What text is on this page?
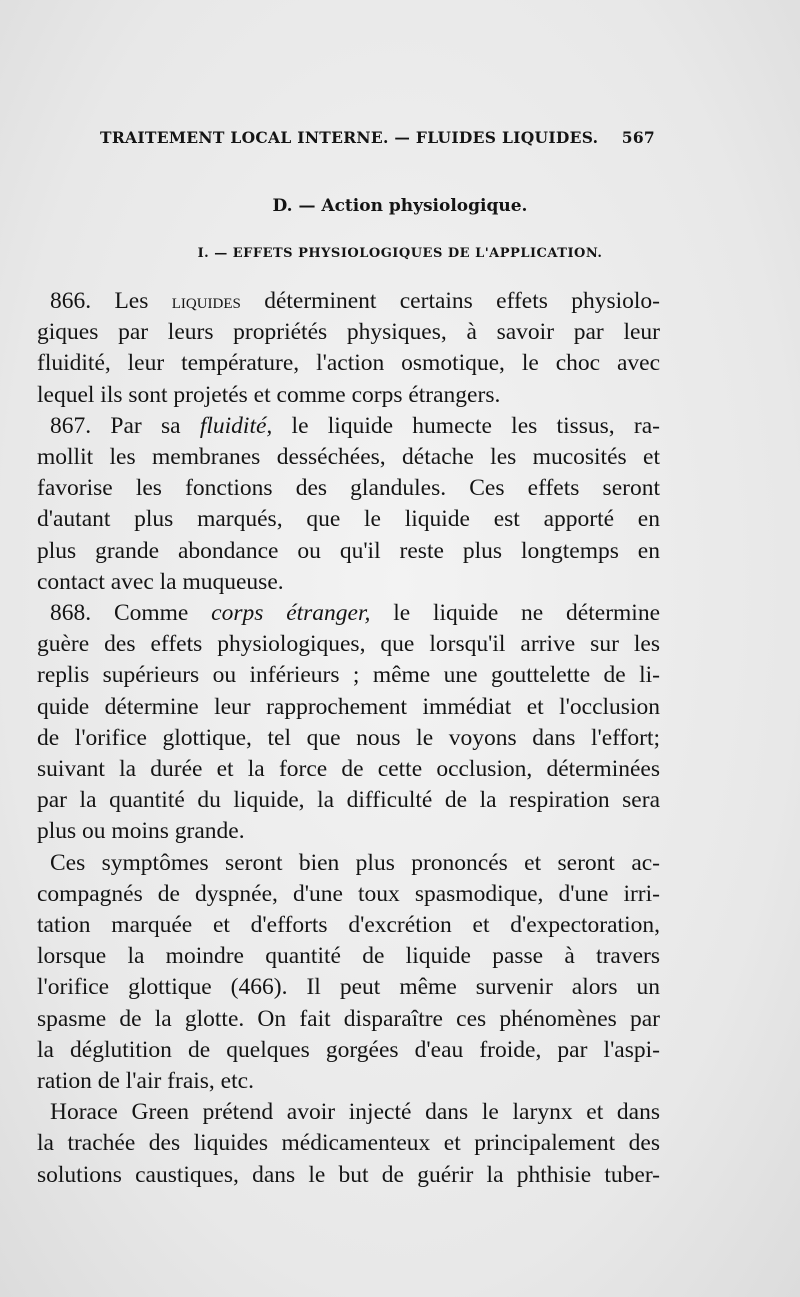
TRAITEMENT LOCAL INTERNE. — FLUIDES LIQUIDES. 567
D. — Action physiologique.
I. — EFFETS PHYSIOLOGIQUES DE L'APPLICATION.
866. Les liquides déterminent certains effets physiolo-
giques par leurs propriétés physiques, à savoir par leur
fluidité, leur température, l'action osmotique, le choc avec
lequel ils sont projetés et comme corps étrangers.
867. Par sa fluidité, le liquide humecte les tissus, ra-
mollit les membranes desséchées, détache les mucosités et
favorise les fonctions des glandules. Ces effets seront
d'autant plus marqués, que le liquide est apporté en
plus grande abondance ou qu'il reste plus longtemps en
contact avec la muqueuse.
868. Comme corps étranger, le liquide ne détermine
guère des effets physiologiques, que lorsqu'il arrive sur les
replis supérieurs ou inférieurs ; même une gouttelette de li-
quide détermine leur rapprochement immédiat et l'occlusion
de l'orifice glottique, tel que nous le voyons dans l'effort;
suivant la durée et la force de cette occlusion, déterminées
par la quantité du liquide, la difficulté de la respiration sera
plus ou moins grande.
Ces symptômes seront bien plus prononcés et seront ac-
compagnés de dyspnée, d'une toux spasmodique, d'une irri-
tation marquée et d'efforts d'excrétion et d'expectoration,
lorsque la moindre quantité de liquide passe à travers
l'orifice glottique (466). Il peut même survenir alors un
spasme de la glotte. On fait disparaître ces phénomènes par
la déglutition de quelques gorgées d'eau froide, par l'aspi-
ration de l'air frais, etc.
Horace Green prétend avoir injecté dans le larynx et dans
la trachée des liquides médicamenteux et principalement des
solutions caustiques, dans le but de guérir la phthisie tuber-
